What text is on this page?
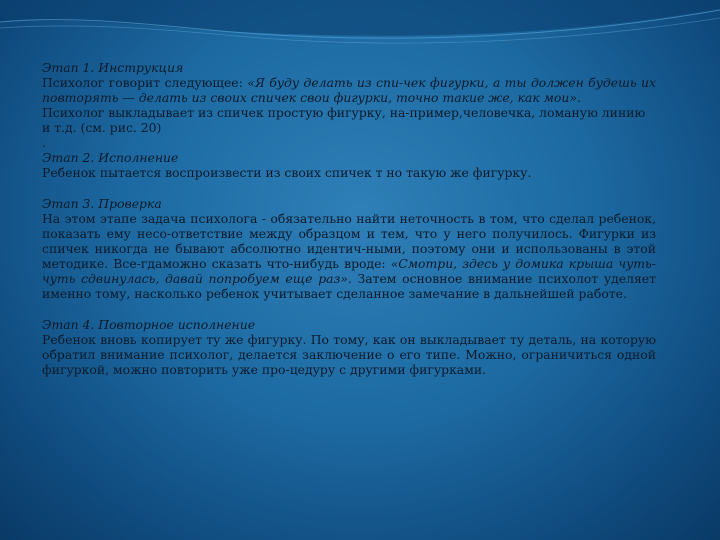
Этап 1. Инструкция

Психолог говорит следующее: «Я буду делать из спи-чек фигурки, а ты должен будешь их повторять — делать из своих спичек свои фигурки, точно такие же, как мои».

Психолог выкладывает из спичек простую фигурку, на-пример,человечка, ломаную линию и т.д. (см. рис. 20)

.

Этап 2. Исполнение

Ребенок пытается воспроизвести из своих спичек т но такую же фигурку.

Этап 3. Проверка

На этом этапе задача психолога - обязательно найти неточность в том, что сделал ребенок, показать ему несо-ответствие между образцом и тем, что у него получилось. Фигурки из спичек никогда не бывают абсолютно идентич-ными, поэтому они и использованы в этой методике. Все-гдаможно сказать что-нибудь вроде: «Смотри, здесь у домика крыша чуть-чуть сдвинулась, давай попробуем еще раз». Затем основное внимание психолот уделяет именно тому, насколько ребенок учитывает сделанное замечание в дальнейшей работе.

Этап 4. Повторное исполнение

Ребенок вновь копирует ту же фигурку. По тому, как он выкладывает ту деталь, на которую обратил внимание психолог, делается заключение о его типе. Можно, ограничиться одной фигуркой, можно повторить уже про-цедуру с другими фигурками.
